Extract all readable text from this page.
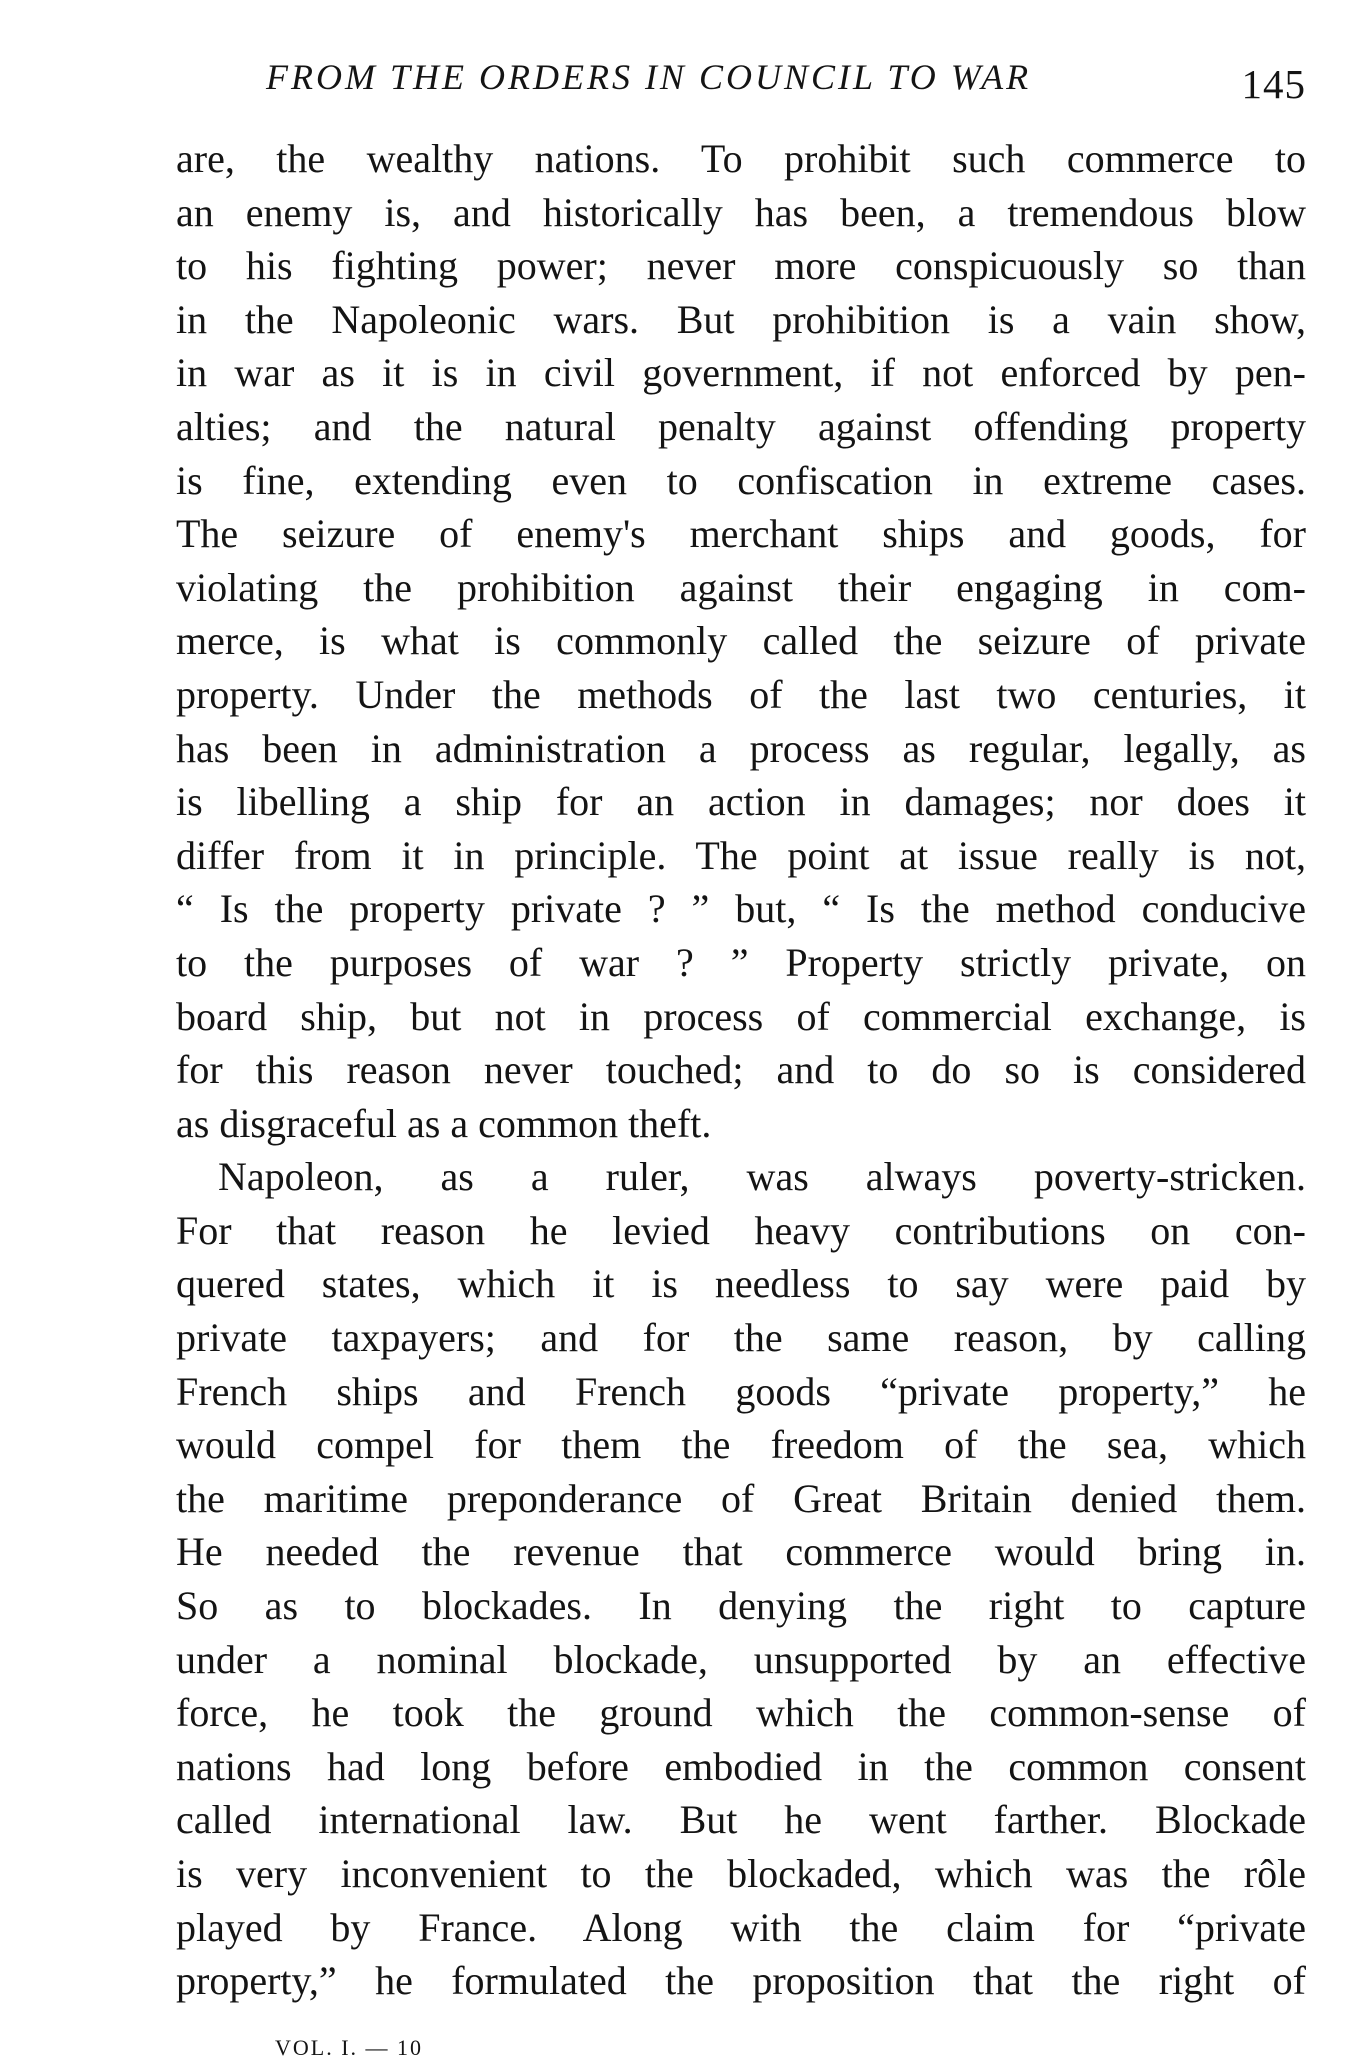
FROM THE ORDERS IN COUNCIL TO WAR	145
are, the wealthy nations. To prohibit such commerce to
an enemy is, and historically has been, a tremendous blow
to his fighting power; never more conspicuously so than
in the Napoleonic wars. But prohibition is a vain show,
in war as it is in civil government, if not enforced by pen-
alties; and the natural penalty against offending property
is fine, extending even to confiscation in extreme cases.
The seizure of enemy's merchant ships and goods, for
violating the prohibition against their engaging in com-
merce, is what is commonly called the seizure of private
property. Under the methods of the last two centuries, it
has been in administration a process as regular, legally, as
is libelling a ship for an action in damages; nor does it
differ from it in principle. The point at issue really is not,
“ Is the property private ? ” but, “ Is the method conducive
to the purposes of war ? ” Property strictly private, on
board ship, but not in process of commercial exchange, is
for this reason never touched; and to do so is considered
as disgraceful as a common theft.
Napoleon, as a ruler, was always poverty-stricken.
For that reason he levied heavy contributions on con-
quered states, which it is needless to say were paid by
private taxpayers; and for the same reason, by calling
French ships and French goods “private property,” he
would compel for them the freedom of the sea, which
the maritime preponderance of Great Britain denied them.
He needed the revenue that commerce would bring in.
So as to blockades. In denying the right to capture
under a nominal blockade, unsupported by an effective
force, he took the ground which the common-sense of
nations had long before embodied in the common consent
called international law. But he went farther. Blockade
is very inconvenient to the blockaded, which was the rôle
played by France. Along with the claim for “private
property,” he formulated the proposition that the right of
VOL. I. — 10
